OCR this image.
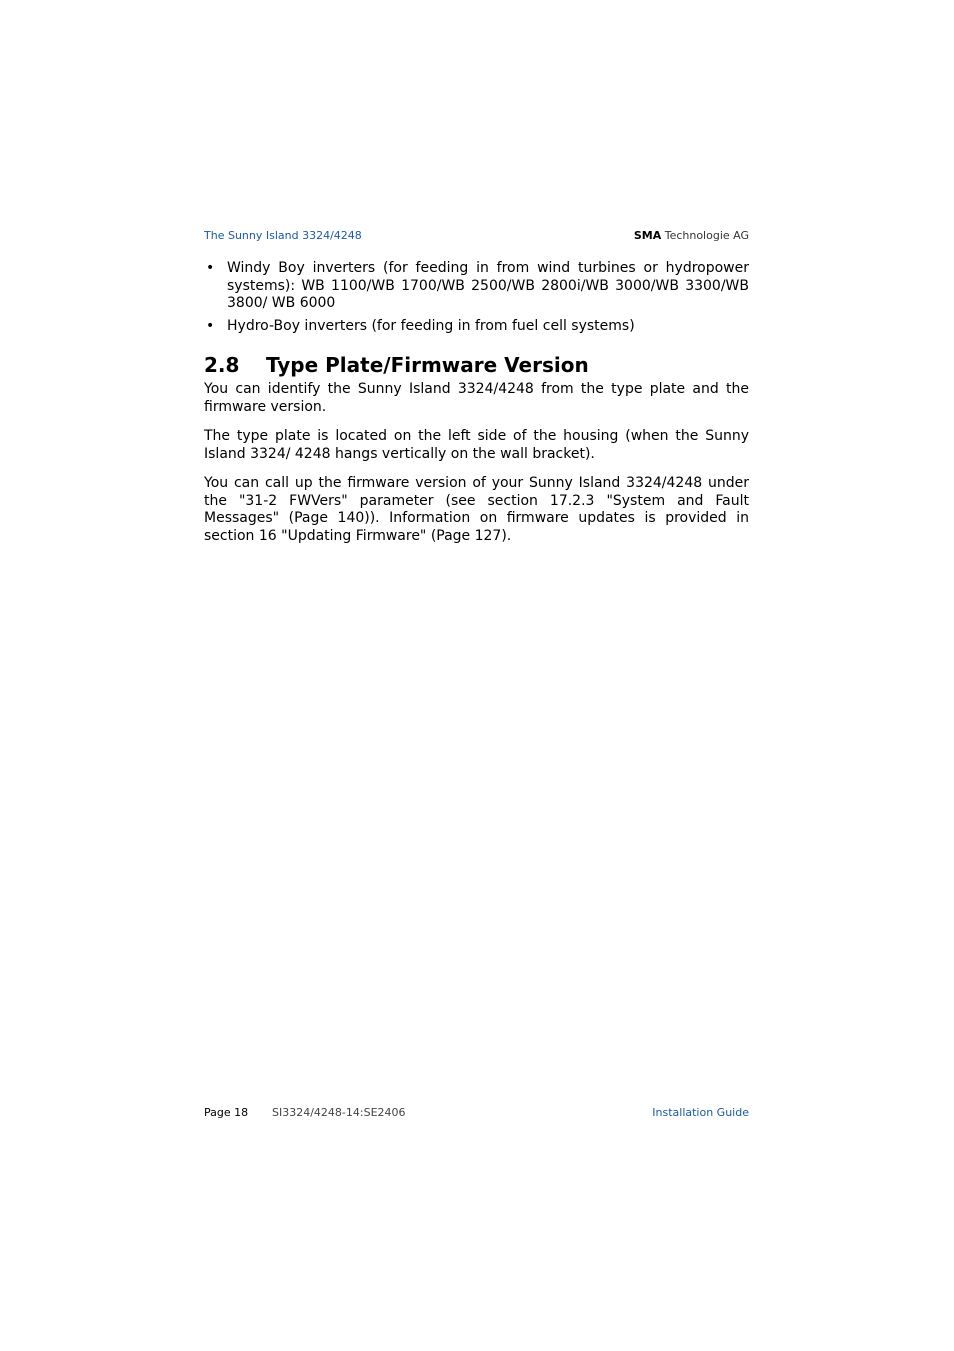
The Sunny Island 3324/4248	SMA Technologie AG
• Windy Boy inverters (for feeding in from wind turbines or hydropower systems): WB 1100/WB 1700/WB 2500/WB 2800i/WB 3000/WB 3300/WB 3800/ WB 6000
• Hydro-Boy inverters (for feeding in from fuel cell systems)
2.8 Type Plate/Firmware Version

You can identify the Sunny Island 3324/4248 from the type plate and the firmware version.

The type plate is located on the left side of the housing (when the Sunny Island 3324/ 4248 hangs vertically on the wall bracket).

You can call up the firmware version of your Sunny Island 3324/4248 under the "31-2 FWVers" parameter (see section 17.2.3 "System and Fault Messages" (Page 140)). Information on firmware updates is provided in section 16 "Updating Firmware" (Page 127).

Page 18 SI3324/4248-14:SE2406	Installation Guide
